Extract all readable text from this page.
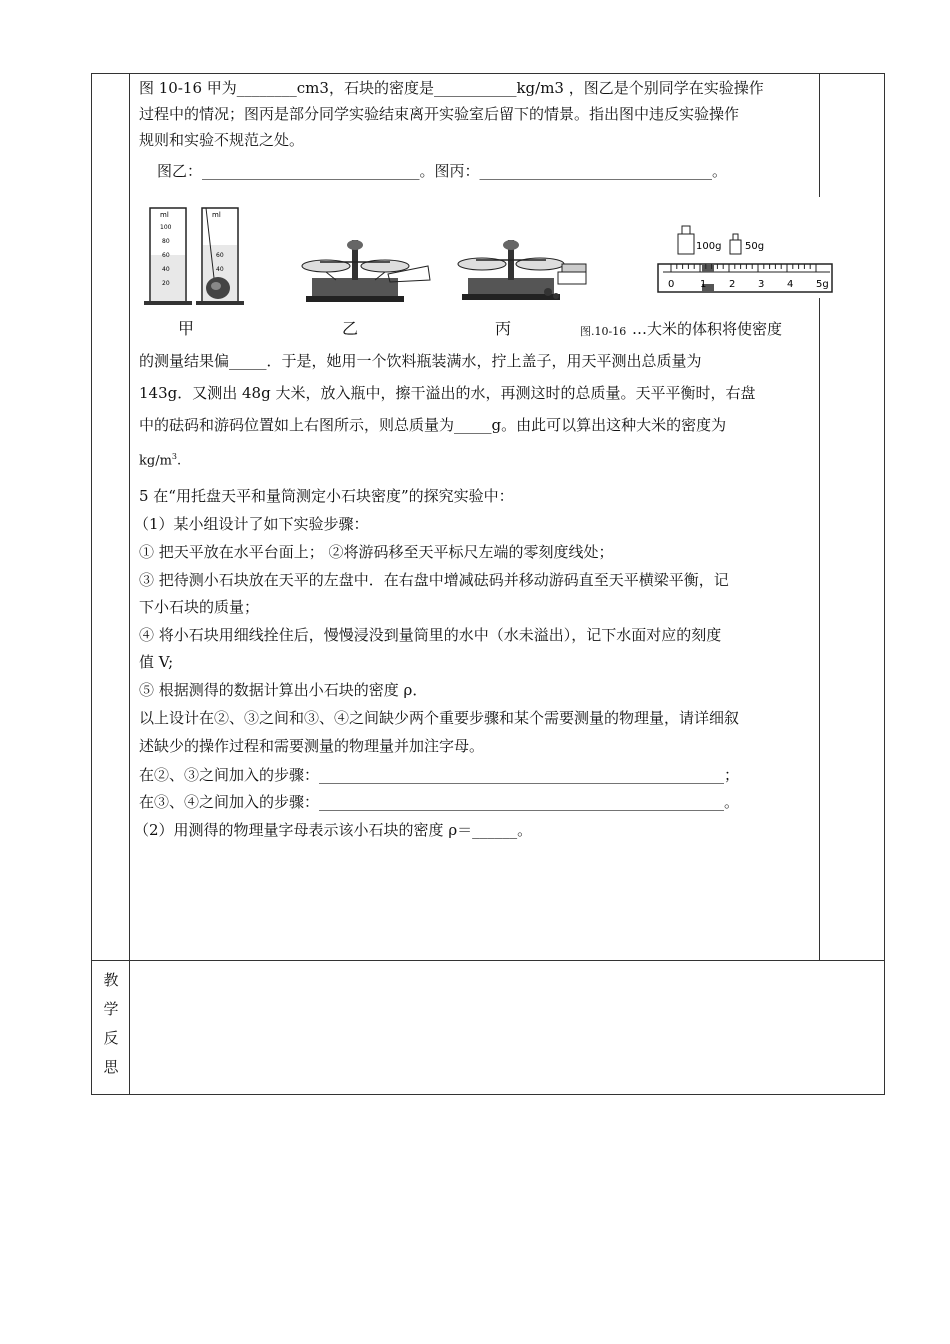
图 10-16 甲为________cm3，石块的密度是___________kg/m3 ，图乙是个别同学在实验操作
过程中的情况；图丙是部分同学实验结束离开实验室后留下的情景。指出图中违反实验操作
规则和实验不规范之处。
图乙：_____________________________。图丙：_______________________________。
ml
100
80
60
40
20
ml
60
40
100g 50g
0	1 2 3 4 5g
甲	乙	丙	图.10-16 …大米的体积将使密度
的测量结果偏_____．于是，她用一个饮料瓶装满水，拧上盖子，用天平测出总质量为
143g．又测出 48g 大米，放入瓶中，擦干溢出的水，再测这时的总质量。天平平衡时，右盘
中的砝码和游码位置如上右图所示，则总质量为_____g。由此可以算出这种大米的密度为
$kg/m^3$.
5 在“用托盘天平和量筒测定小石块密度”的探究实验中：
（1）某小组设计了如下实验步骤：
① 把天平放在水平台面上； ②将游码移至天平标尺左端的零刻度线处；
③ 把待测小石块放在天平的左盘中．在右盘中增减砝码并移动游码直至天平横梁平衡，记
下小石块的质量；
④ 将小石块用细线拴住后，慢慢浸没到量筒里的水中（水未溢出），记下水面对应的刻度
值 V;
⑤ 根据测得的数据计算出小石块的密度 ρ．
以上设计在②、③之间和③、④之间缺少两个重要步骤和某个需要测量的物理量，请详细叙
述缺少的操作过程和需要测量的物理量并加注字母。
在②、③之间加入的步骤：______________________________________________________；
在③、④之间加入的步骤：______________________________________________________。
（2）用测得的物理量字母表示该小石块的密度 ρ＝______。
教
学
反
思
